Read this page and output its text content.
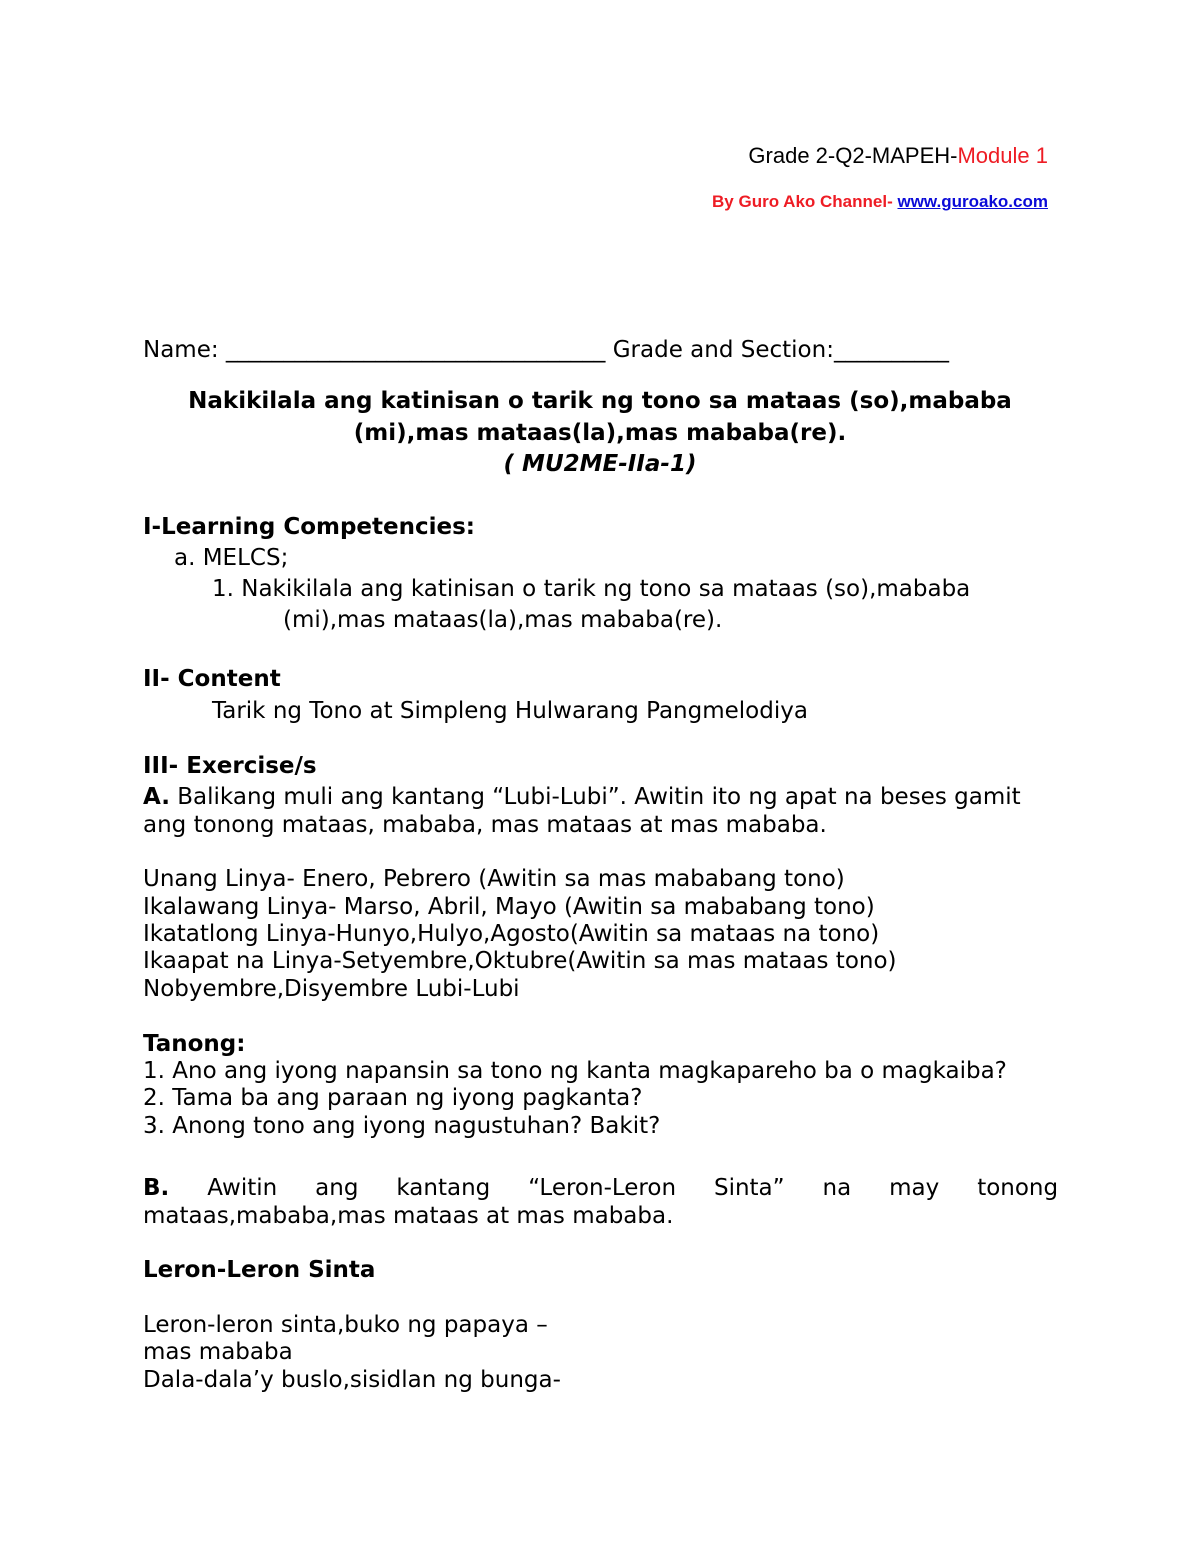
Grade 2-Q2-MAPEH-Module 1
By Guro Ako Channel- www.guroako.com
Name: _________________________________ Grade and Section:__________
Nakikilala ang katinisan o tarik ng tono sa mataas (so),mababa
(mi),mas mataas(la),mas mababa(re).
( MU2ME-IIa-1)
I-Learning Competencies:
a. MELCS;
1. Nakikilala ang katinisan o tarik ng tono sa mataas (so),mababa
(mi),mas mataas(la),mas mababa(re).
II- Content
Tarik ng Tono at Simpleng Hulwarang Pangmelodiya
III- Exercise/s
A. Balikang muli ang kantang “Lubi-Lubi”. Awitin ito ng apat na beses gamit
ang tonong mataas, mababa, mas mataas at mas mababa.
Unang Linya- Enero, Pebrero (Awitin sa mas mababang tono)
Ikalawang Linya- Marso, Abril, Mayo (Awitin sa mababang tono)
Ikatatlong Linya-Hunyo,Hulyo,Agosto(Awitin sa mataas na tono)
Ikaapat na Linya-Setyembre,Oktubre(Awitin sa mas mataas tono)
Nobyembre,Disyembre Lubi-Lubi
Tanong:
1. Ano ang iyong napansin sa tono ng kanta magkapareho ba o magkaiba?
2. Tama ba ang paraan ng iyong pagkanta?
3. Anong tono ang iyong nagustuhan? Bakit?
B. Awitin ang kantang “Leron-Leron Sinta” na may tonong
mataas,mababa,mas mataas at mas mababa.
Leron-Leron Sinta
Leron-leron sinta,buko ng papaya –
mas mababa
Dala-dala’y buslo,sisidlan ng bunga-
